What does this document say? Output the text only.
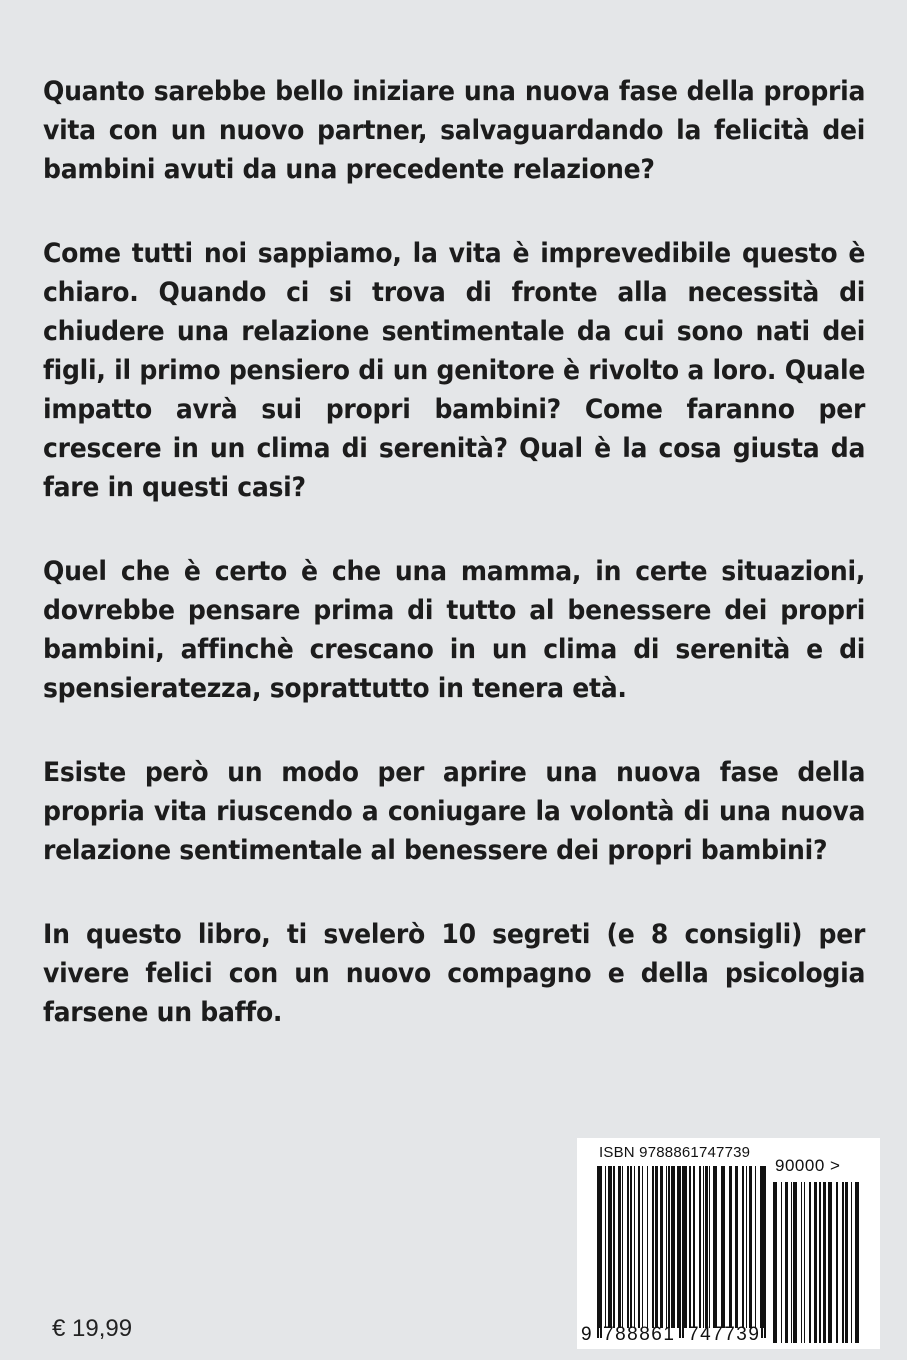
Quanto sarebbe bello iniziare una nuova fase della propria vita con un nuovo partner, salvaguardando la felicità dei bambini avuti da una precedente relazione?

Come tutti noi sappiamo, la vita è imprevedibile questo è chiaro. Quando ci si trova di fronte alla necessità di chiudere una relazione sentimentale da cui sono nati dei figli, il primo pensiero di un genitore è rivolto a loro. Quale impatto avrà sui propri bambini? Come faranno per crescere in un clima di serenità? Qual è la cosa giusta da fare in questi casi?

Quel che è certo è che una mamma, in certe situazioni, dovrebbe pensare prima di tutto al benessere dei propri bambini, affinchè crescano in un clima di serenità e di spensieratezza, soprattutto in tenera età.

Esiste però un modo per aprire una nuova fase della propria vita riuscendo a coniugare la volontà di una nuova relazione sentimentale al benessere dei propri bambini?

In questo libro, ti svelerò 10 segreti (e 8 consigli) per vivere felici con un nuovo compagno e della psicologia farsene un baffo.

€ 19,99
ISBN 9788861747739
90000 >
9 788861 747739
